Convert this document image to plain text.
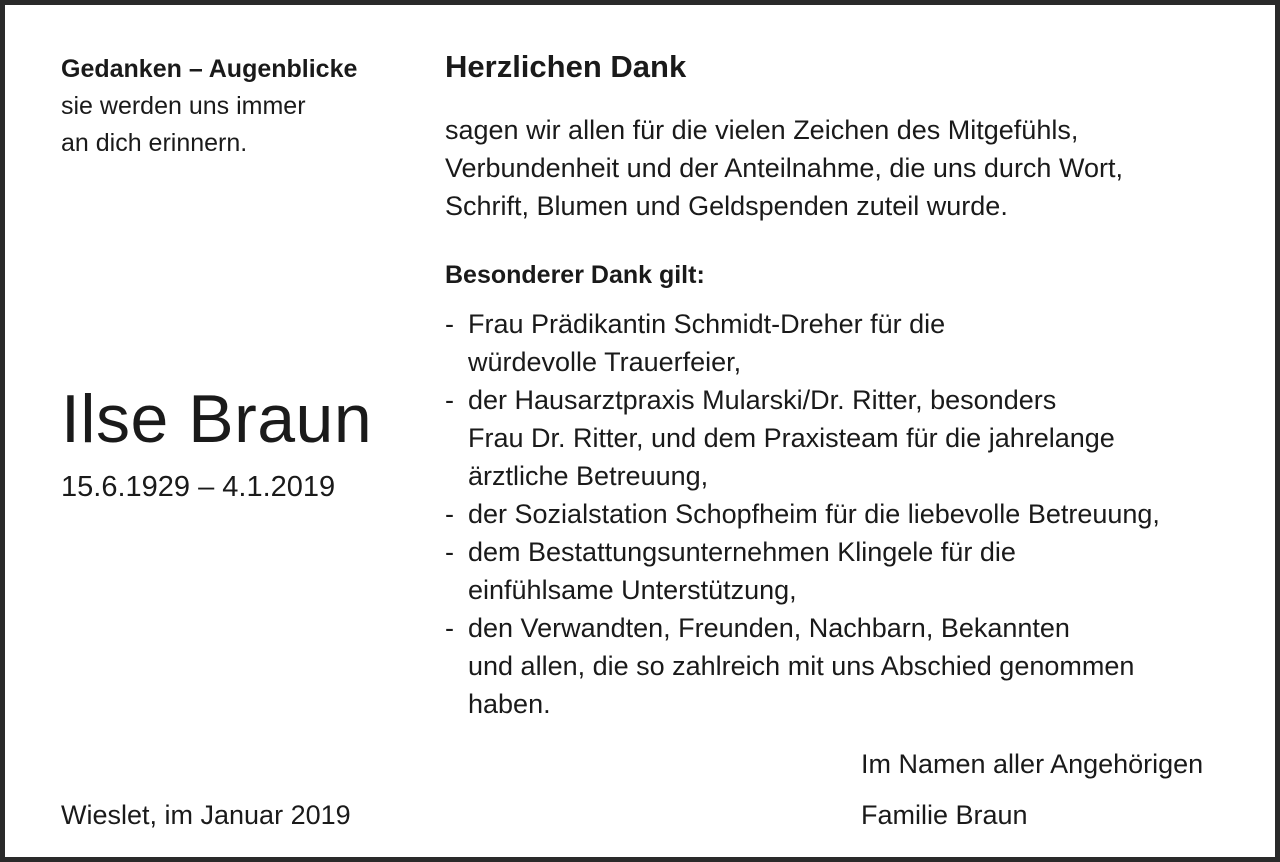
Gedanken – Augenblicke

sie werden uns immer

an dich erinnern.

Ilse Braun

15.6.1929 – 4.1.2019

Wieslet, im Januar 2019

Herzlichen Dank

sagen wir allen für die vielen Zeichen des Mitgefühls,

Verbundenheit und der Anteilnahme, die uns durch Wort,

Schrift, Blumen und Geldspenden zuteil wurde.

Besonderer Dank gilt:
- Frau Prädikantin Schmidt-Dreher für die
würdevolle Trauerfeier,
- der Hausarztpraxis Mularski/Dr. Ritter, besonders
Frau Dr. Ritter, und dem Praxisteam für die jahrelange
ärztliche Betreuung,
- der Sozialstation Schopfheim für die liebevolle Betreuung,
- dem Bestattungsunternehmen Klingele für die
einfühlsame Unterstützung,
- den Verwandten, Freunden, Nachbarn, Bekannten
und allen, die so zahlreich mit uns Abschied genommen
haben.

Im Namen aller Angehörigen

Familie Braun
